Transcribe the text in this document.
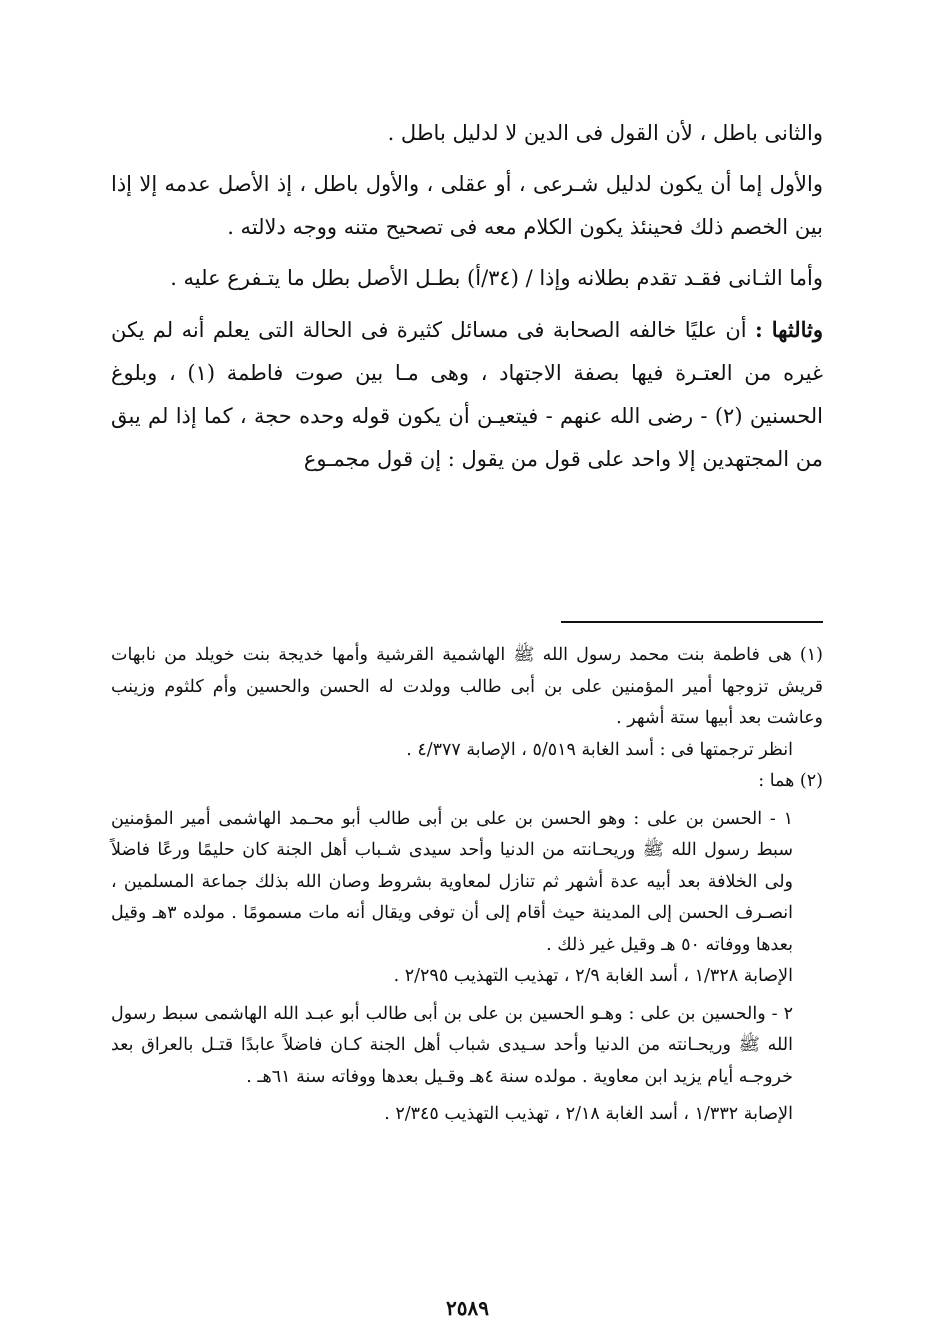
والثانى باطل ، لأن القول فى الدين لا لدليل باطل .

والأول إما أن يكون لدليل شـرعى ، أو عقلى ، والأول باطل ، إذ الأصل عدمه إلا إذا بين الخصم ذلك فحينئذ يكون الكلام معه فى تصحيح متنه ووجه دلالته .

وأما الثـانى فقـد تقدم بطلانه وإذا / (٣٤/أ) بطـل الأصل بطل ما يتـفرع عليه .

وثالثها : أن عليًا خالفه الصحابة فى مسائل كثيرة فى الحالة التى يعلم أنه لم يكن غيره من العتـرة فيها بصفة الاجتهاد ، وهى مـا بين صوت فاطمة (١) ، وبلوغ الحسنين (٢) - رضى الله عنهم - فيتعيـن أن يكون قوله وحده حجة ، كما إذا لم يبق من المجتهدين إلا واحد على قول من يقول : إن قول مجمـوع

(١) هى فاطمة بنت محمد رسول الله ﷺ الهاشمية القرشية وأمها خديجة بنت خويلد من نابهات قريش تزوجها أمير المؤمنين على بن أبى طالب وولدت له الحسن والحسين وأم كلثوم وزينب وعاشت بعد أبيها ستة أشهر .

انظر ترجمتها فى : أسد الغابة ٥/٥١٩ ، الإصابة ٤/٣٧٧ .

(٢) هما :

١ - الحسن بن على : وهو الحسن بن على بن أبى طالب أبو محـمد الهاشمى أمير المؤمنين سبط رسول الله ﷺ وريحـانته من الدنيا وأحد سيدى شـباب أهل الجنة كان حليمًا ورعًا فاضلاً ولى الخلافة بعد أبيه عدة أشهر ثم تنازل لمعاوية بشروط وصان الله بذلك جماعة المسلمين ، انصـرف الحسن إلى المدينة حيث أقام إلى أن توفى ويقال أنه مات مسمومًا . مولده ٣هـ وقيل بعدها ووفاته ٥٠ هـ وقيل غير ذلك .

الإصابة ١/٣٢٨ ، أسد الغابة ٢/٩ ، تهذيب التهذيب ٢/٢٩٥ .

٢ - والحسين بن على : وهـو الحسين بن على بن أبى طالب أبو عبـد الله الهاشمى سبط رسول الله ﷺ وريحـانته من الدنيا وأحد سـيدى شباب أهل الجنة كـان فاضلاً عابدًا قتـل بالعراق بعد خروجـه أيام يزيد ابن معاوية . مولده سنة ٤هـ وقـيل بعدها ووفاته سنة ٦١هـ .

الإصابة ١/٣٣٢ ، أسد الغابة ٢/١٨ ، تهذيب التهذيب ٢/٣٤٥ .

٢٥٨٩
